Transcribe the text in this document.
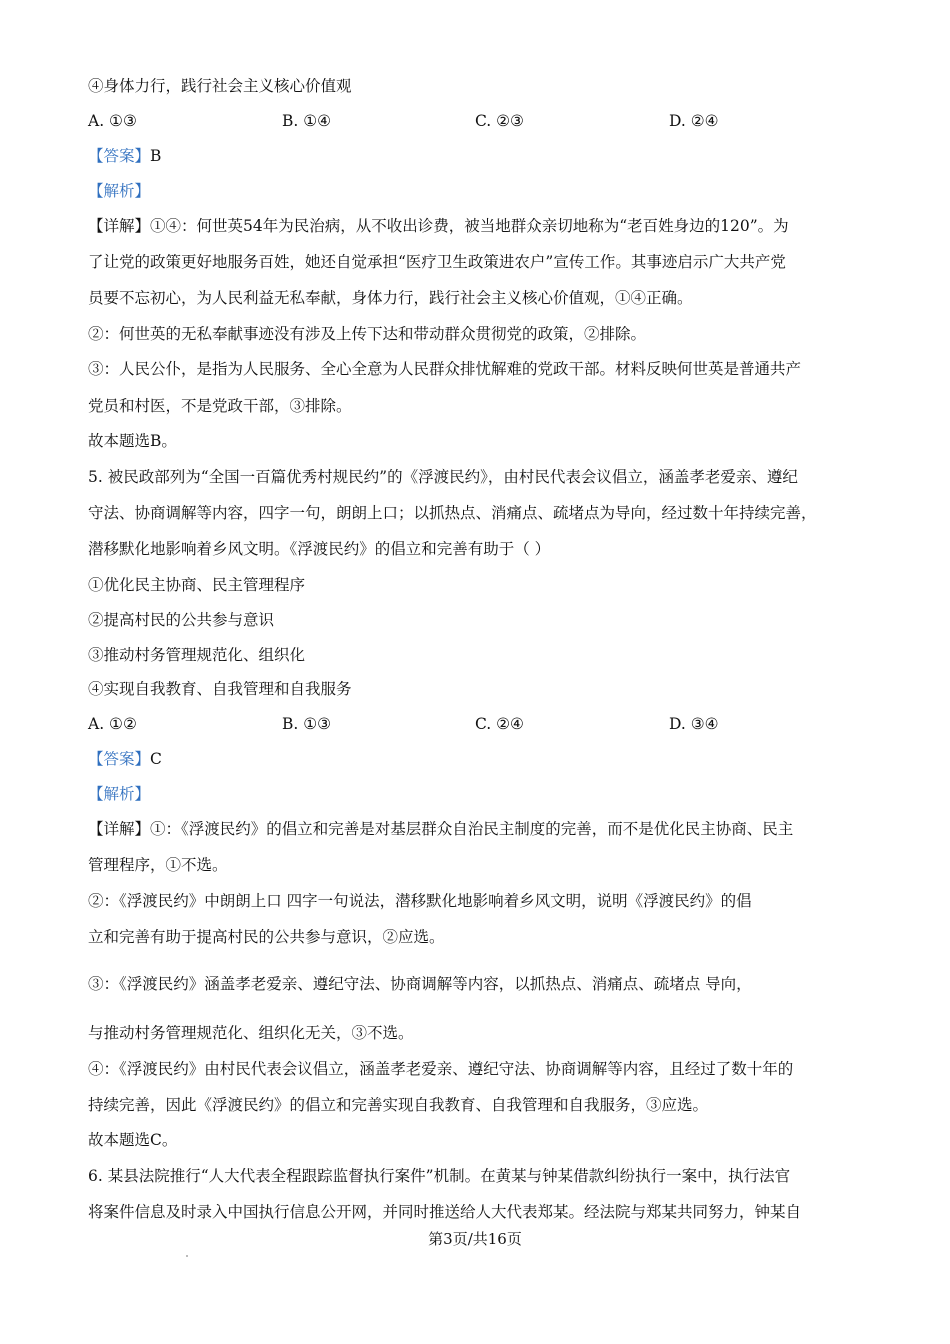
④身体力行，践行社会主义核心价值观
A. ①③	B. ①④	C. ②③	D. ②④
【答案】B
【解析】
【详解】①④：何世英54年为民治病，从不收出诊费，被当地群众亲切地称为“老百姓身边的120”。为
了让党的政策更好地服务百姓，她还自觉承担“医疗卫生政策进农户”宣传工作。其事迹启示广大共产党
员要不忘初心，为人民利益无私奉献，身体力行，践行社会主义核心价值观，①④正确。
②：何世英的无私奉献事迹没有涉及上传下达和带动群众贯彻党的政策，②排除。
③：人民公仆，是指为人民服务、全心全意为人民群众排忧解难的党政干部。材料反映何世英是普通共产
党员和村医，不是党政干部，③排除。
故本题选B。
5. 被民政部列为“全国一百篇优秀村规民约”的《浮渡民约》，由村民代表会议倡立，涵盖孝老爱亲、遵纪
守法、协商调解等内容，四字一句，朗朗上口；以抓热点、消痛点、疏堵点为导向，经过数十年持续完善，
潜移默化地影响着乡风文明。《浮渡民约》的倡立和完善有助于（ ）
①优化民主协商、民主管理程序
②提高村民的公共参与意识
③推动村务管理规范化、组织化
④实现自我教育、自我管理和自我服务
A. ①②	B. ①③	C. ②④	D. ③④
【答案】C
【解析】
【详解】①：《浮渡民约》的倡立和完善是对基层群众自治民主制度的完善，而不是优化民主协商、民主
管理程序，①不选。
②：《浮渡民约》中朗朗上口 四字一句说法，潜移默化地影响着乡风文明，说明《浮渡民约》的倡
立和完善有助于提高村民的公共参与意识，②应选。
③：《浮渡民约》涵盖孝老爱亲、遵纪守法、协商调解等内容，以抓热点、消痛点、疏堵点 导向，
与推动村务管理规范化、组织化无关，③不选。
④：《浮渡民约》由村民代表会议倡立，涵盖孝老爱亲、遵纪守法、协商调解等内容，且经过了数十年的
持续完善，因此《浮渡民约》的倡立和完善实现自我教育、自我管理和自我服务，③应选。
故本题选C。
6. 某县法院推行“人大代表全程跟踪监督执行案件”机制。在黄某与钟某借款纠纷执行一案中，执行法官
将案件信息及时录入中国执行信息公开网，并同时推送给人大代表郑某。经法院与郑某共同努力，钟某自
第3页/共16页
